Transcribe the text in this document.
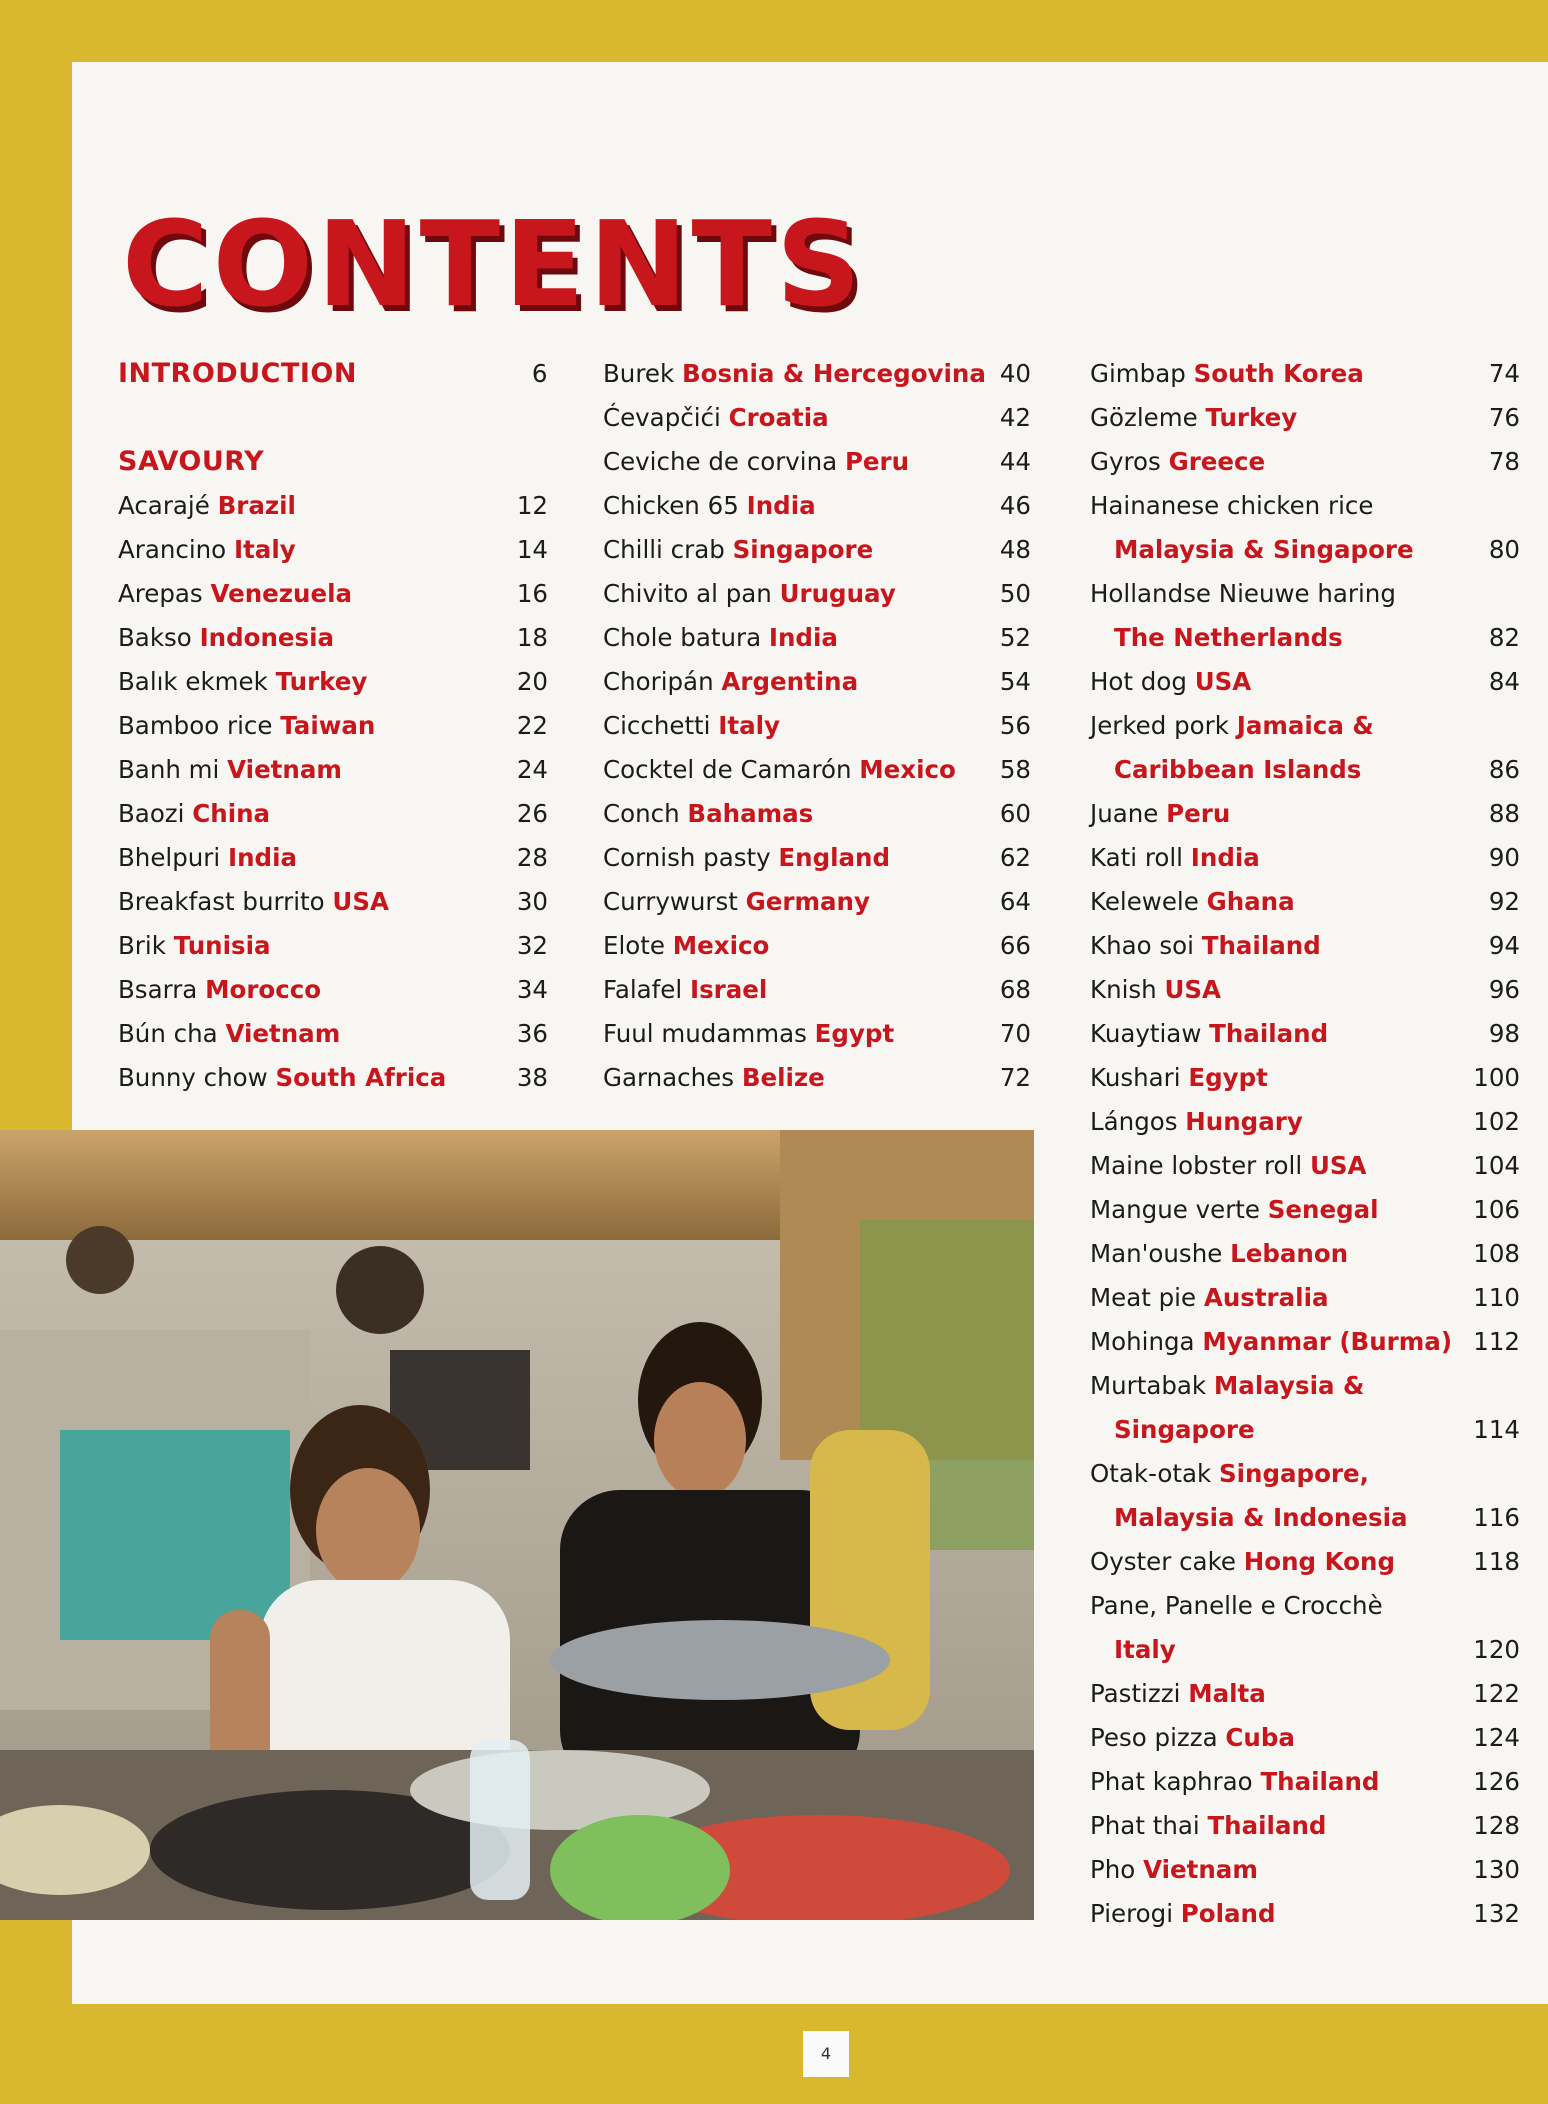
CONTENTS
INTRODUCTION	6
SAVOURY
Acarajé Brazil	12
Arancino Italy	14
Arepas Venezuela	16
Bakso Indonesia	18
Balık ekmek Turkey	20
Bamboo rice Taiwan	22
Banh mi Vietnam	24
Baozi China	26
Bhelpuri India	28
Breakfast burrito USA	30
Brik Tunisia	32
Bsarra Morocco	34
Bún cha Vietnam	36
Bunny chow South Africa	38
Burek Bosnia & Hercegovina 40
Ćevapčići Croatia	42
Ceviche de corvina Peru	44
Chicken 65 India	46
Chilli crab Singapore	48
Chivito al pan Uruguay	50
Chole batura India	52
Choripán Argentina	54
Cicchetti Italy	56
Cocktel de Camarón Mexico 58
Conch Bahamas	60
Cornish pasty England	62
Currywurst Germany	64
Elote Mexico	66
Falafel Israel	68
Fuul mudammas Egypt	70
Garnaches Belize	72
Gimbap South Korea	74
Gözleme Turkey	76
Gyros Greece	78
Hainanese chicken rice
Malaysia & Singapore	80
Hollandse Nieuwe haring
The Netherlands	82
Hot dog USA	84
Jerked pork Jamaica &
Caribbean Islands	86
Juane Peru	88
Kati roll India	90
Kelewele Ghana	92
Khao soi Thailand	94
Knish USA	96
Kuaytiaw Thailand	98
Kushari Egypt	100
Lángos Hungary	102
Maine lobster roll USA	104
Mangue verte Senegal	106
Man'oushe Lebanon	108
Meat pie Australia	110
Mohinga Myanmar (Burma) 112
Murtabak Malaysia &
Singapore	114
Otak-otak Singapore,
Malaysia & Indonesia	116
Oyster cake Hong Kong	118
Pane, Panelle e Crocchè
Italy	120
Pastizzi Malta	122
Peso pizza Cuba	124
Phat kaphrao Thailand	126
Phat thai Thailand	128
Pho Vietnam	130
Pierogi Poland	132
4
